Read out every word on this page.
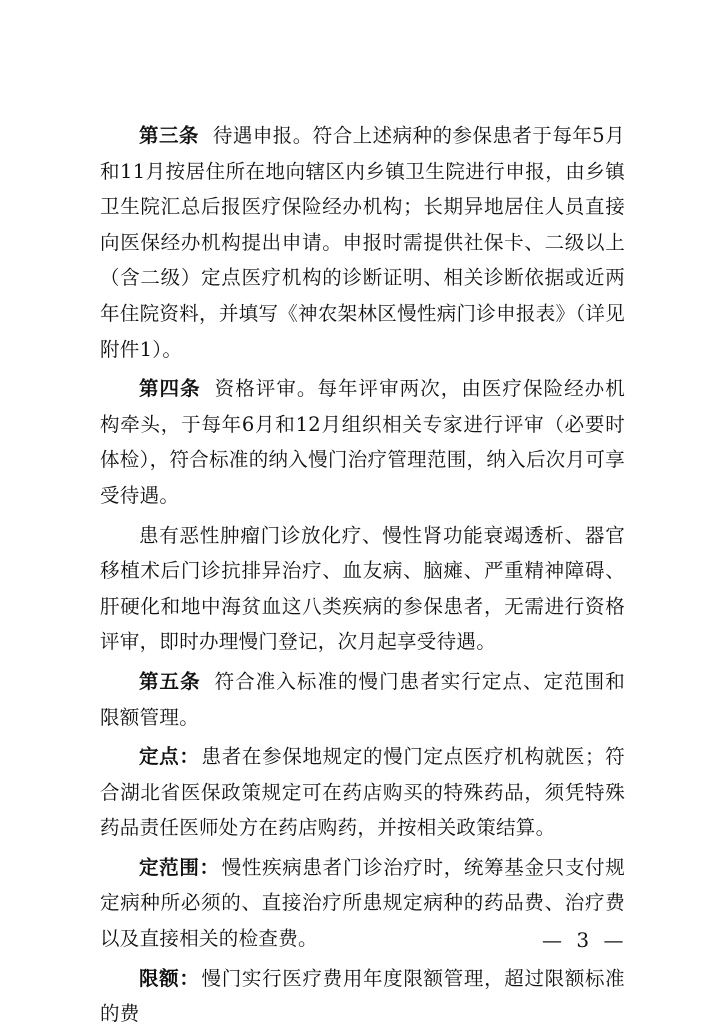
第三条 待遇申报。符合上述病种的参保患者于每年5月和11月按居住所在地向辖区内乡镇卫生院进行申报，由乡镇卫生院汇总后报医疗保险经办机构；长期异地居住人员直接向医保经办机构提出申请。申报时需提供社保卡、二级以上（含二级）定点医疗机构的诊断证明、相关诊断依据或近两年住院资料，并填写《神农架林区慢性病门诊申报表》（详见附件1）。

第四条 资格评审。每年评审两次，由医疗保险经办机构牵头，于每年6月和12月组织相关专家进行评审（必要时体检），符合标准的纳入慢门治疗管理范围，纳入后次月可享受待遇。

患有恶性肿瘤门诊放化疗、慢性肾功能衰竭透析、器官移植术后门诊抗排异治疗、血友病、脑瘫、严重精神障碍、肝硬化和地中海贫血这八类疾病的参保患者，无需进行资格评审，即时办理慢门登记，次月起享受待遇。

第五条 符合准入标准的慢门患者实行定点、定范围和限额管理。

定点： 患者在参保地规定的慢门定点医疗机构就医；符合湖北省医保政策规定可在药店购买的特殊药品，须凭特殊药品责任医师处方在药店购药，并按相关政策结算。

定范围： 慢性疾病患者门诊治疗时，统筹基金只支付规定病种所必须的、直接治疗所患规定病种的药品费、治疗费以及直接相关的检查费。

限额： 慢门实行医疗费用年度限额管理，超过限额标准的费

— 3 —
